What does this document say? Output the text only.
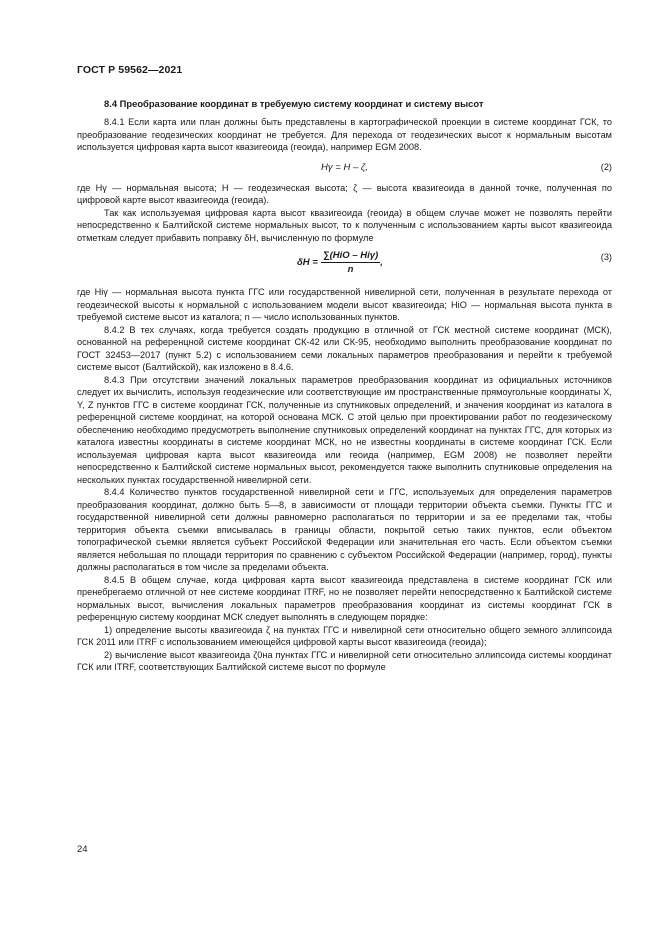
ГОСТ Р 59562—2021
8.4 Преобразование координат в требуемую систему координат и систему высот

8.4.1 Если карта или план должны быть представлены в картографической проекции в системе координат ГСК, то преобразование геодезических координат не требуется. Для перехода от геодезических высот к нормальным высотам используется цифровая карта высот квазигеоида (геоида), например EGM 2008.

Hγ = H – ζ,	(2)

где Hγ — нормальная высота; H — геодезическая высота; ζ — высота квазигеоида в данной точке, полученная по цифровой карте высот квазигеоида (геоида).

Так как используемая цифровая карта высот квазигеоида (геоида) в общем случае может не позволять перейти непосредственно к Балтийской системе нормальных высот, то к полученным с использованием карты высот квазигеоида отметкам следует прибавить поправку δH, вычисленную по формуле

$\delta H = \frac{\text{∑(HiO – Hiγ)}}{n}$ ,	(3)

где Hiγ — нормальная высота пункта ГГС или государственной нивелирной сети, полученная в результате перехода от геодезической высоты к нормальной с использованием модели высот квазигеоида; HiO — нормальная высота пункта в требуемой системе высот из каталога; n — число использованных пунктов.

8.4.2 В тех случаях, когда требуется создать продукцию в отличной от ГСК местной системе координат (МСК), основанной на референцной системе координат СК-42 или СК-95, необходимо выполнить преобразование координат по ГОСТ 32453—2017 (пункт 5.2) с использованием семи локальных параметров преобразования и перейти к требуемой системе высот (Балтийской), как изложено в 8.4.6.

8.4.3 При отсутствии значений локальных параметров преобразования координат из официальных источников следует их вычислить, используя геодезические или соответствующие им пространственные прямоугольные координаты X, Y, Z пунктов ГГС в системе координат ГСК, полученные из спутниковых определений, и значения координат из каталога в референцной системе координат, на которой основана МСК. С этой целью при проектировании работ по геодезическому обеспечению необходимо предусмотреть выполнение спутниковых определений координат на пунктах ГГС, для которых из каталога известны координаты в системе координат МСК, но не известны координаты в системе координат ГСК. Если используемая цифровая карта высот квазигеоида или геоида (например, EGM 2008) не позволяет перейти непосредственно к Балтийской системе нормальных высот, рекомендуется также выполнить спутниковые определения на нескольких пунктах государственной нивелирной сети.

8.4.4 Количество пунктов государственной нивелирной сети и ГГС, используемых для определения параметров преобразования координат, должно быть 5—8, в зависимости от площади территории объекта съемки. Пункты ГГС и государственной нивелирной сети должны равномерно располагаться по территории и за ее пределами так, чтобы территория объекта съемки вписывалась в границы области, покрытой сетью таких пунктов, если объектом топографической съемки является субъект Российской Федерации или значительная его часть. Если объектом съемки является небольшая по площади территория по сравнению с субъектом Российской Федерации (например, город), пункты должны располагаться в том числе за пределами объекта.

8.4.5 В общем случае, когда цифровая карта высот квазигеоида представлена в системе координат ГСК или пренебрегаемо отличной от нее системе координат ITRF, но не позволяет перейти непосредственно к Балтийской системе нормальных высот, вычисления локальных параметров преобразования координат из системы координат ГСК в референцную систему координат МСК следует выполнять в следующем порядке:

1) определение высоты квазигеоида ζ на пунктах ГГС и нивелирной сети относительно общего земного эллипсоида ГСК 2011 или ITRF с использованием имеющейся цифровой карты высот квазигеоида (геоида);

2) вычисление высот квазигеоида ζ0на пунктах ГГС и нивелирной сети относительно эллипсоида системы координат ГСК или ITRF, соответствующих Балтийской системе высот по формуле

24
